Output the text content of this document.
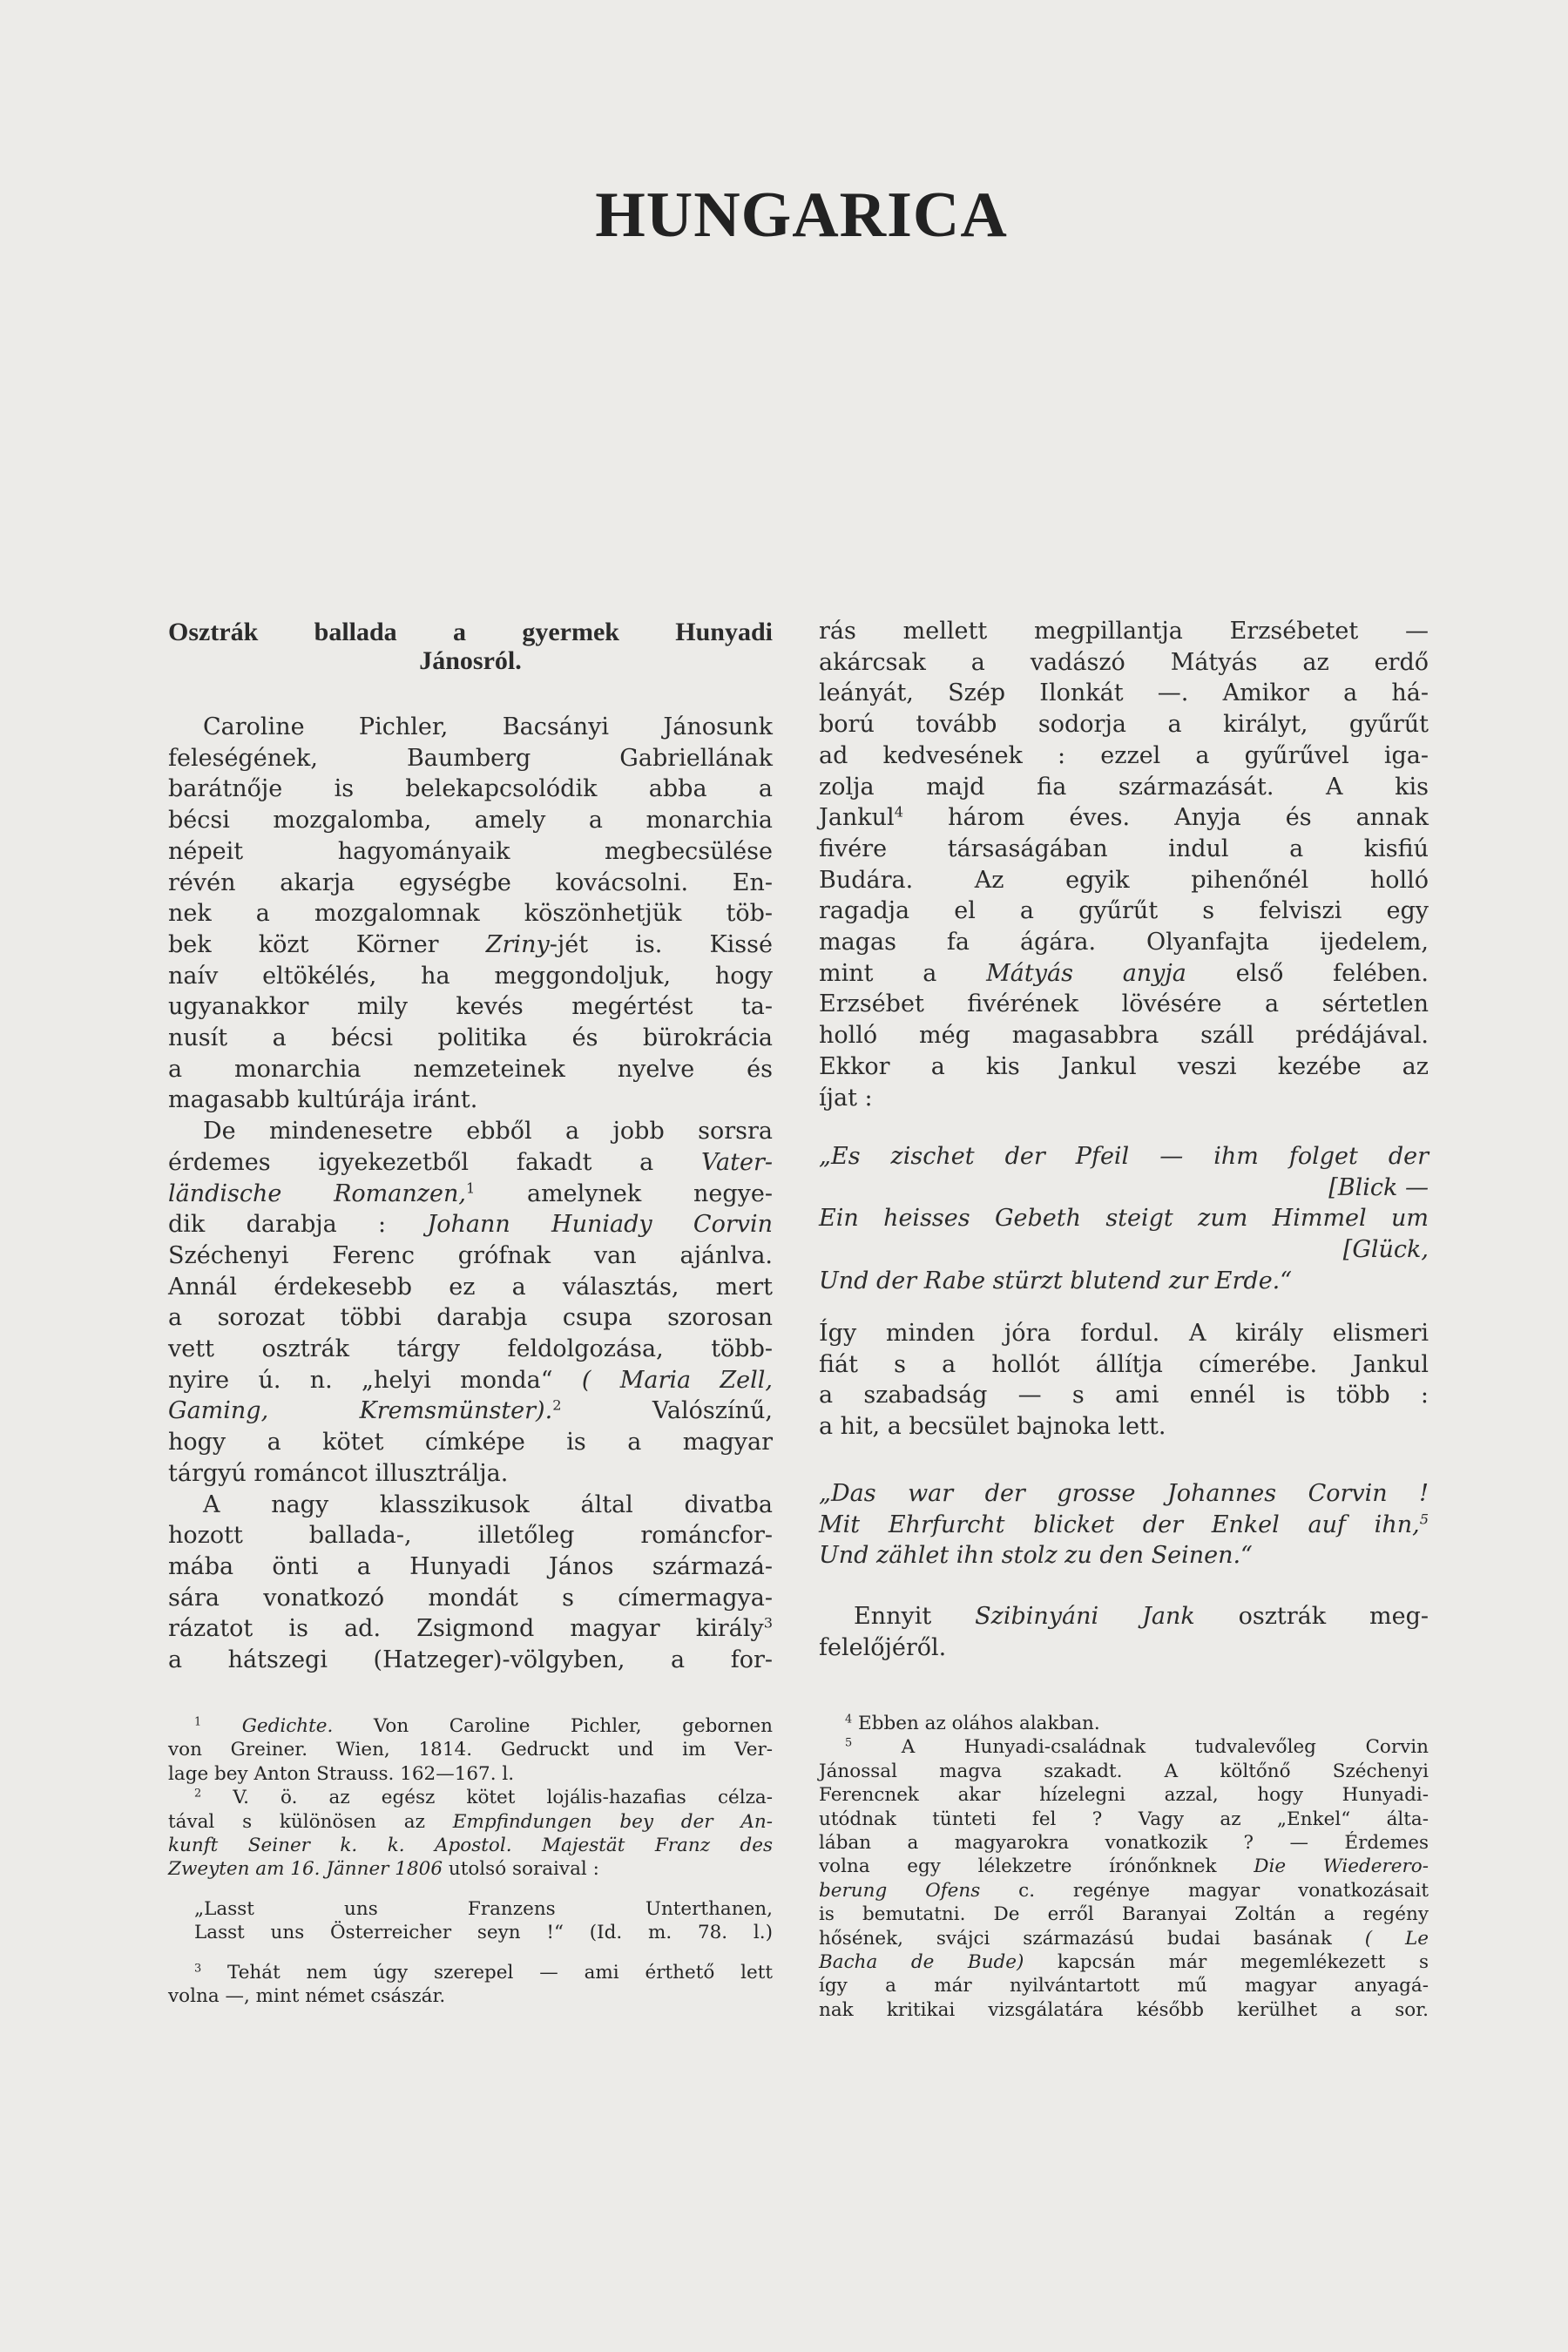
HUNGARICA
Osztrák ballada a gyermek Hunyadi
Jánosról.
Caroline Pichler, Bacsányi Jánosunk
feleségének, Baumberg Gabriellának
barátnője is belekapcsolódik abba a
bécsi mozgalomba, amely a monarchia
népeit hagyományaik megbecsülése
révén akarja egységbe kovácsolni. En-
nek a mozgalomnak köszönhetjük töb-
bek közt Körner Zriny-jét is. Kissé
naív eltökélés, ha meggondoljuk, hogy
ugyanakkor mily kevés megértést ta-
nusít a bécsi politika és bürokrácia
a monarchia nemzeteinek nyelve és
magasabb kultúrája iránt.
De mindenesetre ebből a jobb sorsra
érdemes igyekezetből fakadt a Vater-
ländische Romanzen,$^1$ amelynek negye-
dik darabja : Johann Huniady Corvin
Széchenyi Ferenc grófnak van ajánlva.
Annál érdekesebb ez a választás, mert
a sorozat többi darabja csupa szorosan
vett osztrák tárgy feldolgozása, több-
nyire ú. n. „helyi monda“ ( Maria Zell,
Gaming, Kremsmünster).$^2$ Valószínű,
hogy a kötet címképe is a magyar
tárgyú románcot illusztrálja.
A nagy klasszikusok által divatba
hozott ballada-, illetőleg románcfor-
mába önti a Hunyadi János származá-
sára vonatkozó mondát s címermagya-
rázatot is ad. Zsigmond magyar király$^3$
a hátszegi (Hatzeger)-völgyben, a for-
rás mellett megpillantja Erzsébetet —
akárcsak a vadászó Mátyás az erdő
leányát, Szép Ilonkát —. Amikor a há-
ború tovább sodorja a királyt, gyűrűt
ad kedvesének : ezzel a gyűrűvel iga-
zolja majd fia származását. A kis
Jankul$^4$ három éves. Anyja és annak
fivére társaságában indul a kisfiú
Budára. Az egyik pihenőnél holló
ragadja el a gyűrűt s felviszi egy
magas fa ágára. Olyanfajta ijedelem,
mint a Mátyás anyja első felében.
Erzsébet fivérének lövésére a sértetlen
holló még magasabbra száll prédájával.
Ekkor a kis Jankul veszi kezébe az
íjat :
„Es zischet der Pfeil — ihm folget der
[Blick —
Ein heisses Gebeth steigt zum Himmel um
[Glück,
Und der Rabe stürzt blutend zur Erde.“
Így minden jóra fordul. A király elismeri
fiát s a hollót állítja címerébe. Jankul
a szabadság — s ami ennél is több :
a hit, a becsület bajnoka lett.
„Das war der grosse Johannes Corvin !
Mit Ehrfurcht blicket der Enkel auf ihn,$^5$
Und zählet ihn stolz zu den Seinen.“
Ennyit Szibinyáni Jank osztrák meg-
felelőjéről.
$^1$ Gedichte. Von Caroline Pichler, gebornen
von Greiner. Wien, 1814. Gedruckt und im Ver-
lage bey Anton Strauss. 162—167. l.
$^2$ V. ö. az egész kötet lojális-hazafias célza-
tával s különösen az Empfindungen bey der An-
kunft Seiner k. k. Apostol. Majestät Franz des
Zweyten am 16. Jänner 1806 utolsó soraival :
„Lasst uns Franzens Unterthanen,
Lasst uns Österreicher seyn !“ (Id. m. 78. l.)
$^3$ Tehát nem úgy szerepel — ami érthető lett
volna —, mint német császár.
$^4$ Ebben az oláhos alakban.
$^5$ A Hunyadi-családnak tudvalevőleg Corvin
Jánossal magva szakadt. A költőnő Széchenyi
Ferencnek akar hízelegni azzal, hogy Hunyadi-
utódnak tünteti fel ? Vagy az „Enkel“ álta-
lában a magyarokra vonatkozik ? — Érdemes
volna egy lélekzetre írónőnknek Die Wiederero-
berung Ofens c. regénye magyar vonatkozásait
is bemutatni. De erről Baranyai Zoltán a regény
hősének, svájci származású budai basának ( Le
Bacha de Bude) kapcsán már megemlékezett s
így a már nyilvántartott mű magyar anyagá-
nak kritikai vizsgálatára később kerülhet a sor.
